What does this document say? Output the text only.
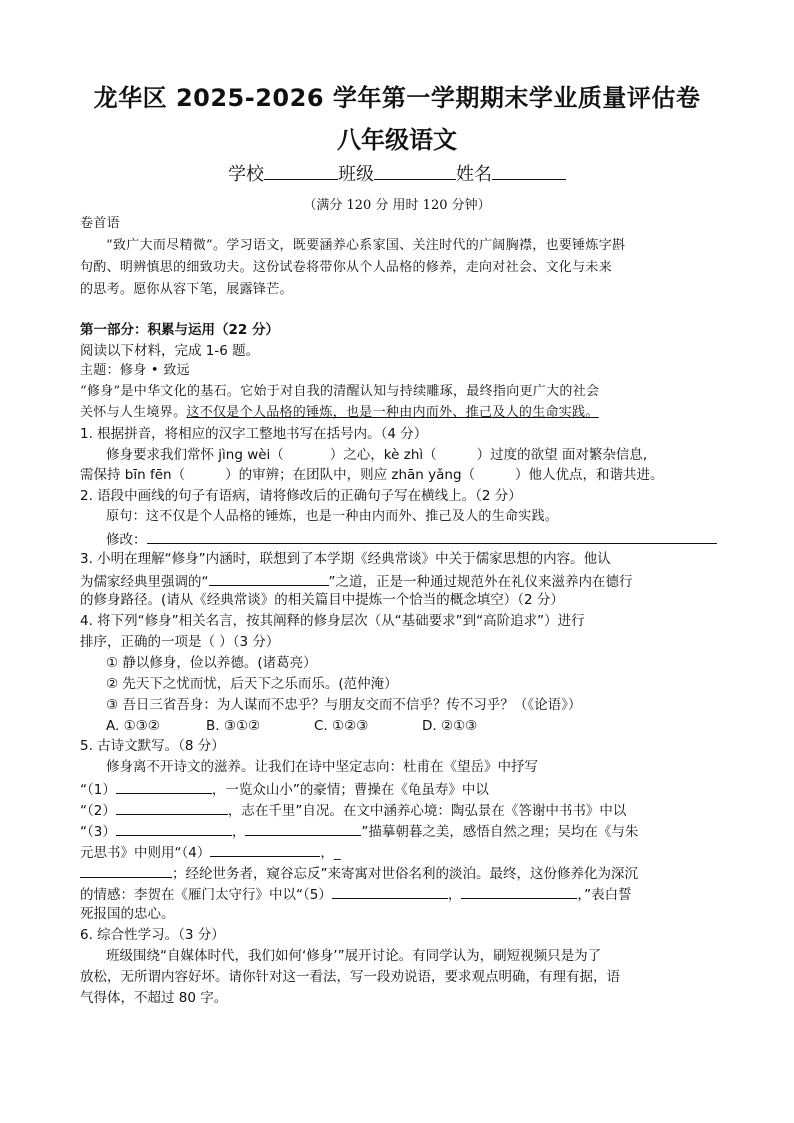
龙华区 2025-2026 学年第一学期期末学业质量评估卷
八年级语文
学校	班级	姓名
（满分 120 分 用时 120 分钟）
卷首语
“致广大而尽精微”。学习语文，既要涵养心系家国、关注时代的广阔胸襟，也要锤炼字斟
句酌、明辨慎思的细致功夫。这份试卷将带你从个人品格的修养，走向对社会、文化与未来
的思考。愿你从容下笔，展露锋芒。
第一部分：积累与运用（22 分）
阅读以下材料，完成 1-6 题。
主题：修身 • 致远
“修身”是中华文化的基石。它始于对自我的清醒认知与持续雕琢，最终指向更广大的社会
关怀与人生境界。这不仅是个人品格的锤炼，也是一种由内而外、推己及人的生命实践。
1. 根据拼音，将相应的汉字工整地书写在括号内。（4 分）
修身要求我们常怀 jìng wèi（	）之心，kè zhì（	）过度的欲望 面对繁杂信息,
需保持 bīn fēn（	）的审辨；在团队中，则应 zhān yǎng（	）他人优点，和谐共进。
2. 语段中画线的句子有语病，请将修改后的正确句子写在横线上。（2 分）
原句：这不仅是个人品格的锤炼，也是一种由内而外、推己及人的生命实践。
修改：
3. 小明在理解“修身”内涵时，联想到了本学期《经典常谈》中关于儒家思想的内容。他认
为儒家经典里强调的“	”之道，正是一种通过规范外在礼仪来滋养内在德行
的修身路径。(请从《经典常谈》的相关篇目中提炼一个恰当的概念填空）（2 分）
4. 将下列“修身”相关名言，按其阐释的修身层次（从“基础要求”到“高阶追求”）进行
排序，正确的一项是（ ）（3 分）
① 静以修身，俭以养德。(诸葛亮）
② 先天下之忧而忧，后天下之乐而乐。(范仲淹）
③ 吾日三省吾身：为人谋而不忠乎？与朋友交而不信乎？传不习乎？（《论语》）
A. ①③②	B. ③①②	C. ①②③	D. ②①③
5. 古诗文默写。（8 分）
修身离不开诗文的滋养。让我们在诗中坚定志向：杜甫在《望岳》中抒写
“（1）	，一览众山小”的豪情；曹操在《龟虽寿》中以
“（2）	，志在千里”自况。在文中涵养心境：陶弘景在《答谢中书书》中以
“（3）	，	”描摹朝暮之美，感悟自然之理；吴均在《与朱
元思书》中则用“（4）	，_
；经纶世务者，窥谷忘反”来寄寓对世俗名利的淡泊。最终，这份修养化为深沉
的情感：李贺在《雁门太守行》中以“（5）	，	，”表白誓
死报国的忠心。
6. 综合性学习。（3 分）
班级围绕“自媒体时代，我们如何‘修身’”展开讨论。有同学认为，刷短视频只是为了
放松，无所谓内容好坏。请你针对这一看法，写一段劝说语，要求观点明确，有理有据，语
气得体，不超过 80 字。
